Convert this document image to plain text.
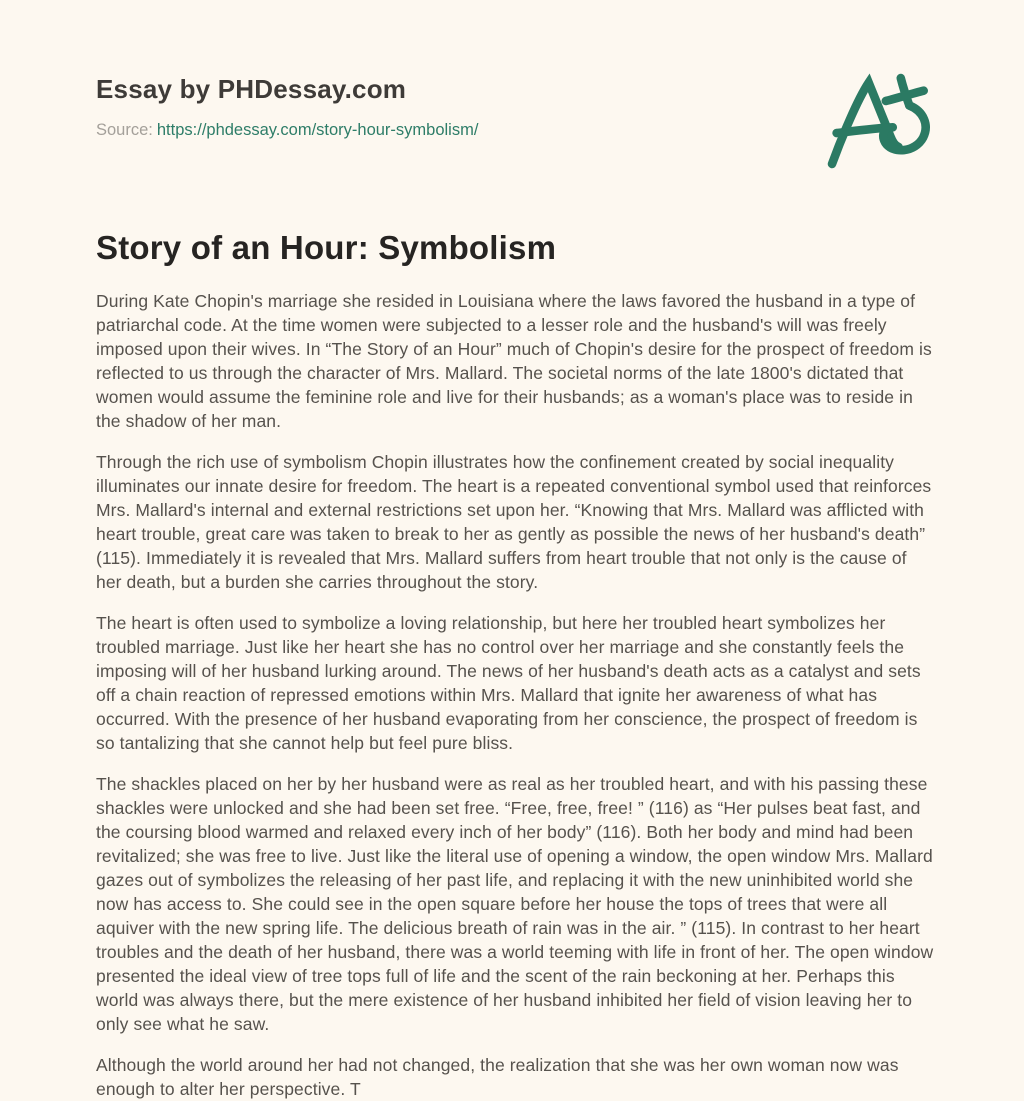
Essay by PHDessay.com

Source: https://phdessay.com/story-hour-symbolism/

Story of an Hour: Symbolism

During Kate Chopin's marriage she resided in Louisiana where the laws favored the husband in a type of patriarchal code. At the time women were subjected to a lesser role and the husband's will was freely imposed upon their wives. In “The Story of an Hour” much of Chopin's desire for the prospect of freedom is reflected to us through the character of Mrs. Mallard. The societal norms of the late 1800's dictated that women would assume the feminine role and live for their husbands; as a woman's place was to reside in the shadow of her man.

Through the rich use of symbolism Chopin illustrates how the confinement created by social inequality illuminates our innate desire for freedom. The heart is a repeated conventional symbol used that reinforces Mrs. Mallard's internal and external restrictions set upon her. “Knowing that Mrs. Mallard was afflicted with heart trouble, great care was taken to break to her as gently as possible the news of her husband's death” (115). Immediately it is revealed that Mrs. Mallard suffers from heart trouble that not only is the cause of her death, but a burden she carries throughout the story.

The heart is often used to symbolize a loving relationship, but here her troubled heart symbolizes her troubled marriage. Just like her heart she has no control over her marriage and she constantly feels the imposing will of her husband lurking around. The news of her husband's death acts as a catalyst and sets off a chain reaction of repressed emotions within Mrs. Mallard that ignite her awareness of what has occurred. With the presence of her husband evaporating from her conscience, the prospect of freedom is so tantalizing that she cannot help but feel pure bliss.

The shackles placed on her by her husband were as real as her troubled heart, and with his passing these shackles were unlocked and she had been set free. “Free, free, free! ” (116) as “Her pulses beat fast, and the coursing blood warmed and relaxed every inch of her body” (116). Both her body and mind had been revitalized; she was free to live. Just like the literal use of opening a window, the open window Mrs. Mallard gazes out of symbolizes the releasing of her past life, and replacing it with the new uninhibited world she now has access to. She could see in the open square before her house the tops of trees that were all aquiver with the new spring life. The delicious breath of rain was in the air. ” (115). In contrast to her heart troubles and the death of her husband, there was a world teeming with life in front of her. The open window presented the ideal view of tree tops full of life and the scent of the rain beckoning at her. Perhaps this world was always there, but the mere existence of her husband inhibited her field of vision leaving her to only see what he saw.

Although the world around her had not changed, the realization that she was her own woman now was enough to alter her perspective. T
